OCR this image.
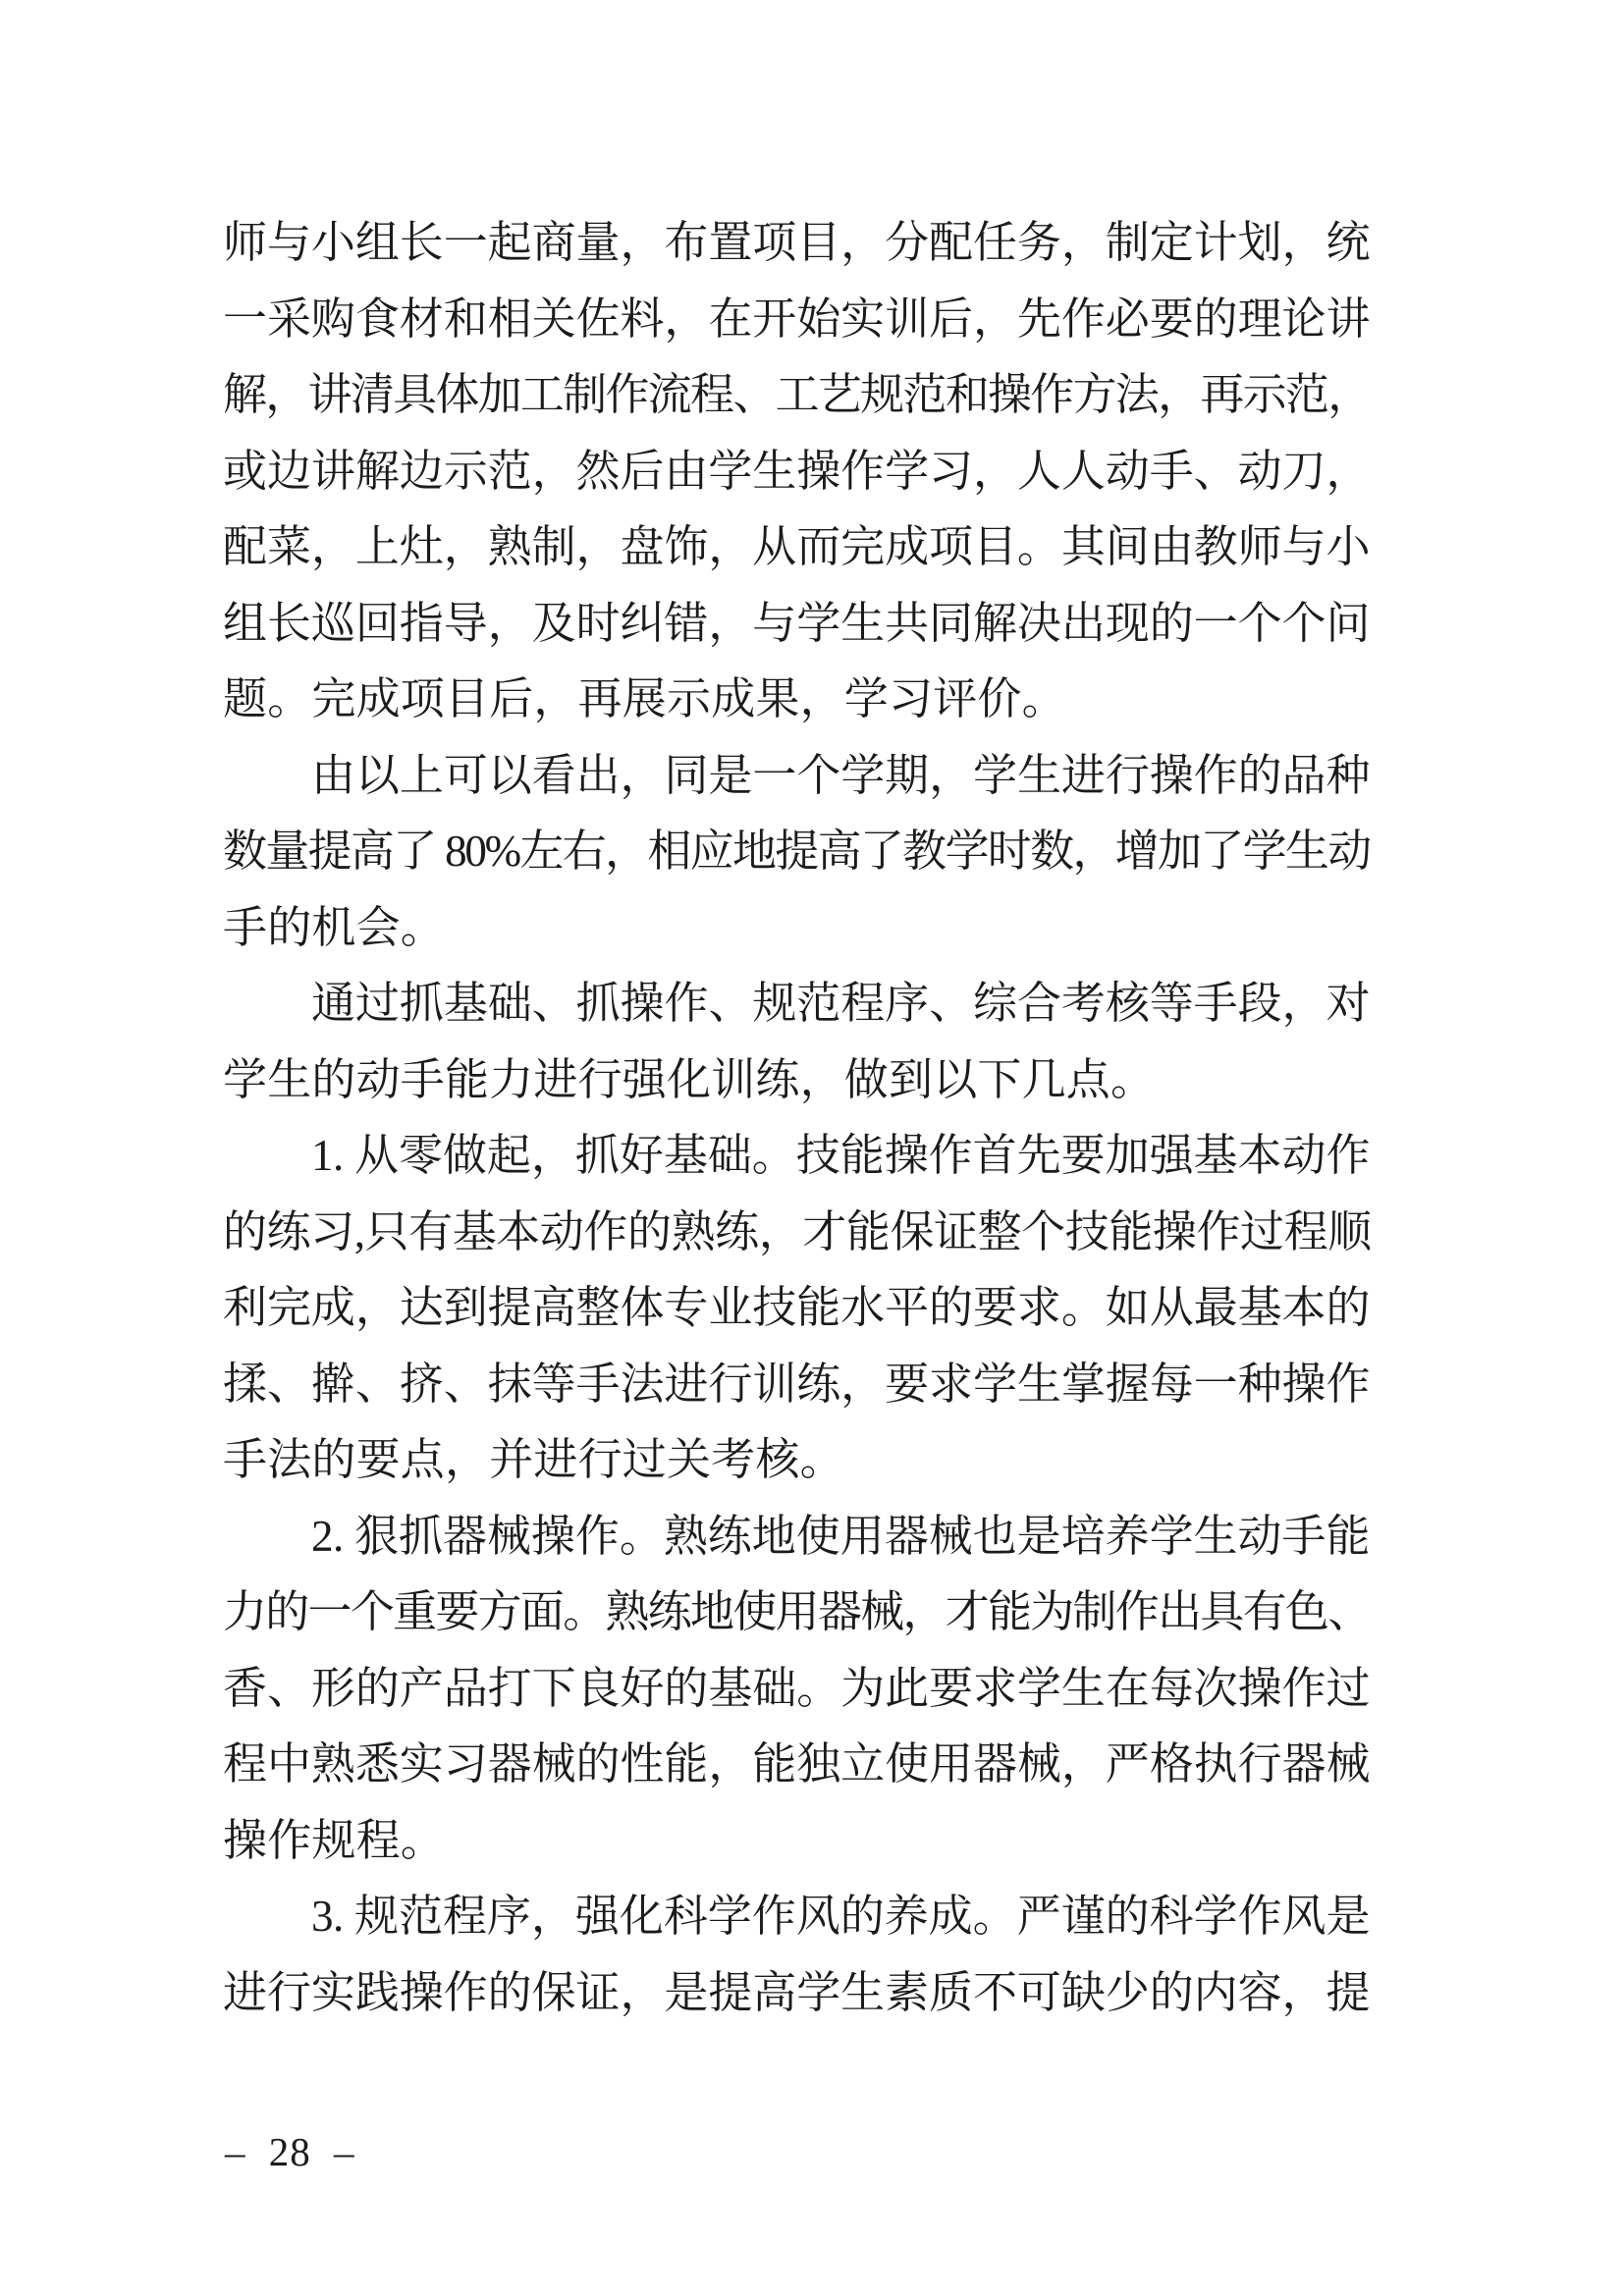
师与小组长一起商量，布置项目，分配任务，制定计划，统
一采购食材和相关佐料，在开始实训后，先作必要的理论讲
解，讲清具体加工制作流程、工艺规范和操作方法，再示范，
或边讲解边示范，然后由学生操作学习，人人动手、动刀，
配菜，上灶，熟制，盘饰，从而完成项目。其间由教师与小
组长巡回指导，及时纠错，与学生共同解决出现的一个个问
题。完成项目后，再展示成果，学习评价。
由以上可以看出，同是一个学期，学生进行操作的品种
数量提高了 80%左右，相应地提高了教学时数，增加了学生动
手的机会。
通过抓基础、抓操作、规范程序、综合考核等手段，对
学生的动手能力进行强化训练，做到以下几点。
1. 从零做起，抓好基础。技能操作首先要加强基本动作
的练习,只有基本动作的熟练，才能保证整个技能操作过程顺
利完成，达到提高整体专业技能水平的要求。如从最基本的
揉、擀、挤、抹等手法进行训练，要求学生掌握每一种操作
手法的要点，并进行过关考核。
2. 狠抓器械操作。熟练地使用器械也是培养学生动手能
力的一个重要方面。熟练地使用器械，才能为制作出具有色、
香、形的产品打下良好的基础。为此要求学生在每次操作过
程中熟悉实习器械的性能，能独立使用器械，严格执行器械
操作规程。
3. 规范程序，强化科学作风的养成。严谨的科学作风是
进行实践操作的保证，是提高学生素质不可缺少的内容，提
– 28 –
